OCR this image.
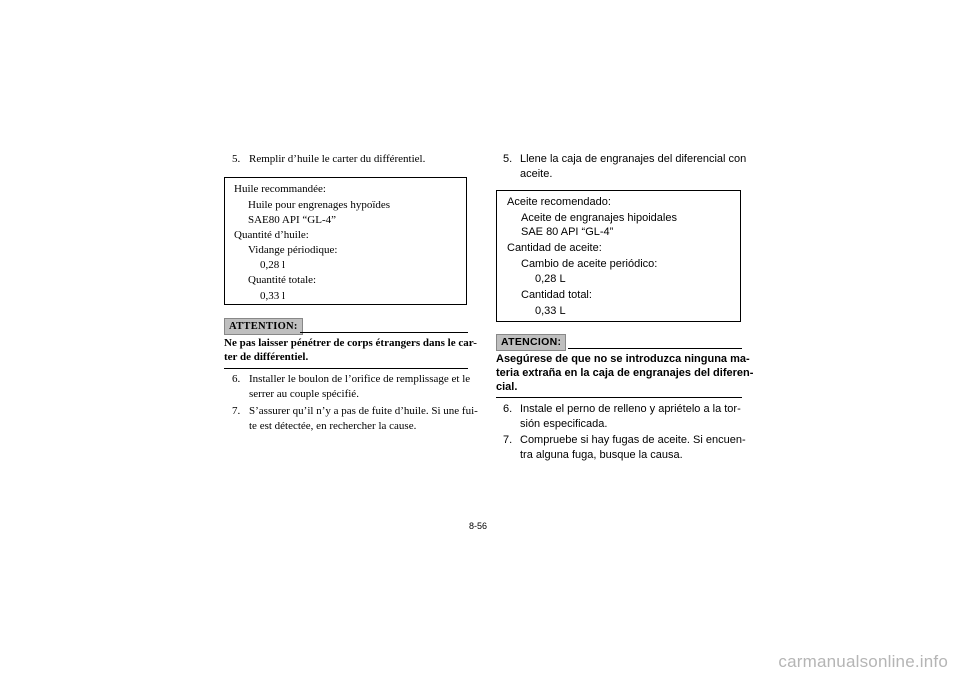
5. Remplir d’huile le carter du différentiel.
Huile recommandée:
Huile pour engrenages hypoïdes
SAE80 API “GL-4”
Quantité d’huile:
Vidange périodique:
0,28 l
Quantité totale:
0,33 l
ATTENTION:
Ne pas laisser pénétrer de corps étrangers dans le car-
ter de différentiel.
6. Installer le boulon de l’orifice de remplissage et le
serrer au couple spécifié.
7. S’assurer qu’il n’y a pas de fuite d’huile. Si une fui-
te est détectée, en rechercher la cause.
5. Llene la caja de engranajes del diferencial con
aceite.
Aceite recomendado:
Aceite de engranajes hipoidales
SAE 80 API “GL-4”
Cantidad de aceite:
Cambio de aceite periódico:
0,28 L
Cantidad total:
0,33 L
ATENCION:
Asegúrese de que no se introduzca ninguna ma-
teria extraña en la caja de engranajes del diferen-
cial.
6. Instale el perno de relleno y apriételo a la tor-
sión especificada.
7. Compruebe si hay fugas de aceite. Si encuen-
tra alguna fuga, busque la causa.
8-56
carmanualsonline.info
